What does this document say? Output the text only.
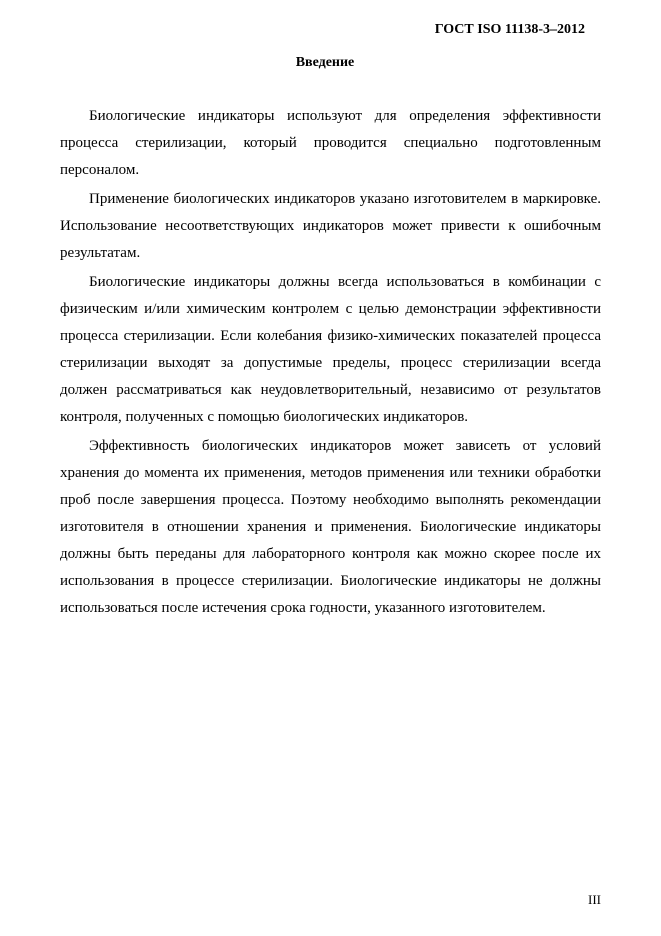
ГОСТ ISO 11138-3–2012
Введение

Биологические индикаторы используют для определения эффективности процесса стерилизации, который проводится специально подготовленным персоналом.

Применение биологических индикаторов указано изготовителем в маркировке. Использование несоответствующих индикаторов может привести к ошибочным результатам.

Биологические индикаторы должны всегда использоваться в комбинации с физическим и/или химическим контролем с целью демонстрации эффективности процесса стерилизации. Если колебания физико-химических показателей процесса стерилизации выходят за допустимые пределы, процесс стерилизации всегда должен рассматриваться как неудовлетворительный, независимо от результатов контроля, полученных с помощью биологических индикаторов.

Эффективность биологических индикаторов может зависеть от условий хранения до момента их применения, методов применения или техники обработки проб после завершения процесса. Поэтому необходимо выполнять рекомендации изготовителя в отношении хранения и применения. Биологические индикаторы должны быть переданы для лабораторного контроля как можно скорее после их использования в процессе стерилизации. Биологические индикаторы не должны использоваться после истечения срока годности, указанного изготовителем.

III
